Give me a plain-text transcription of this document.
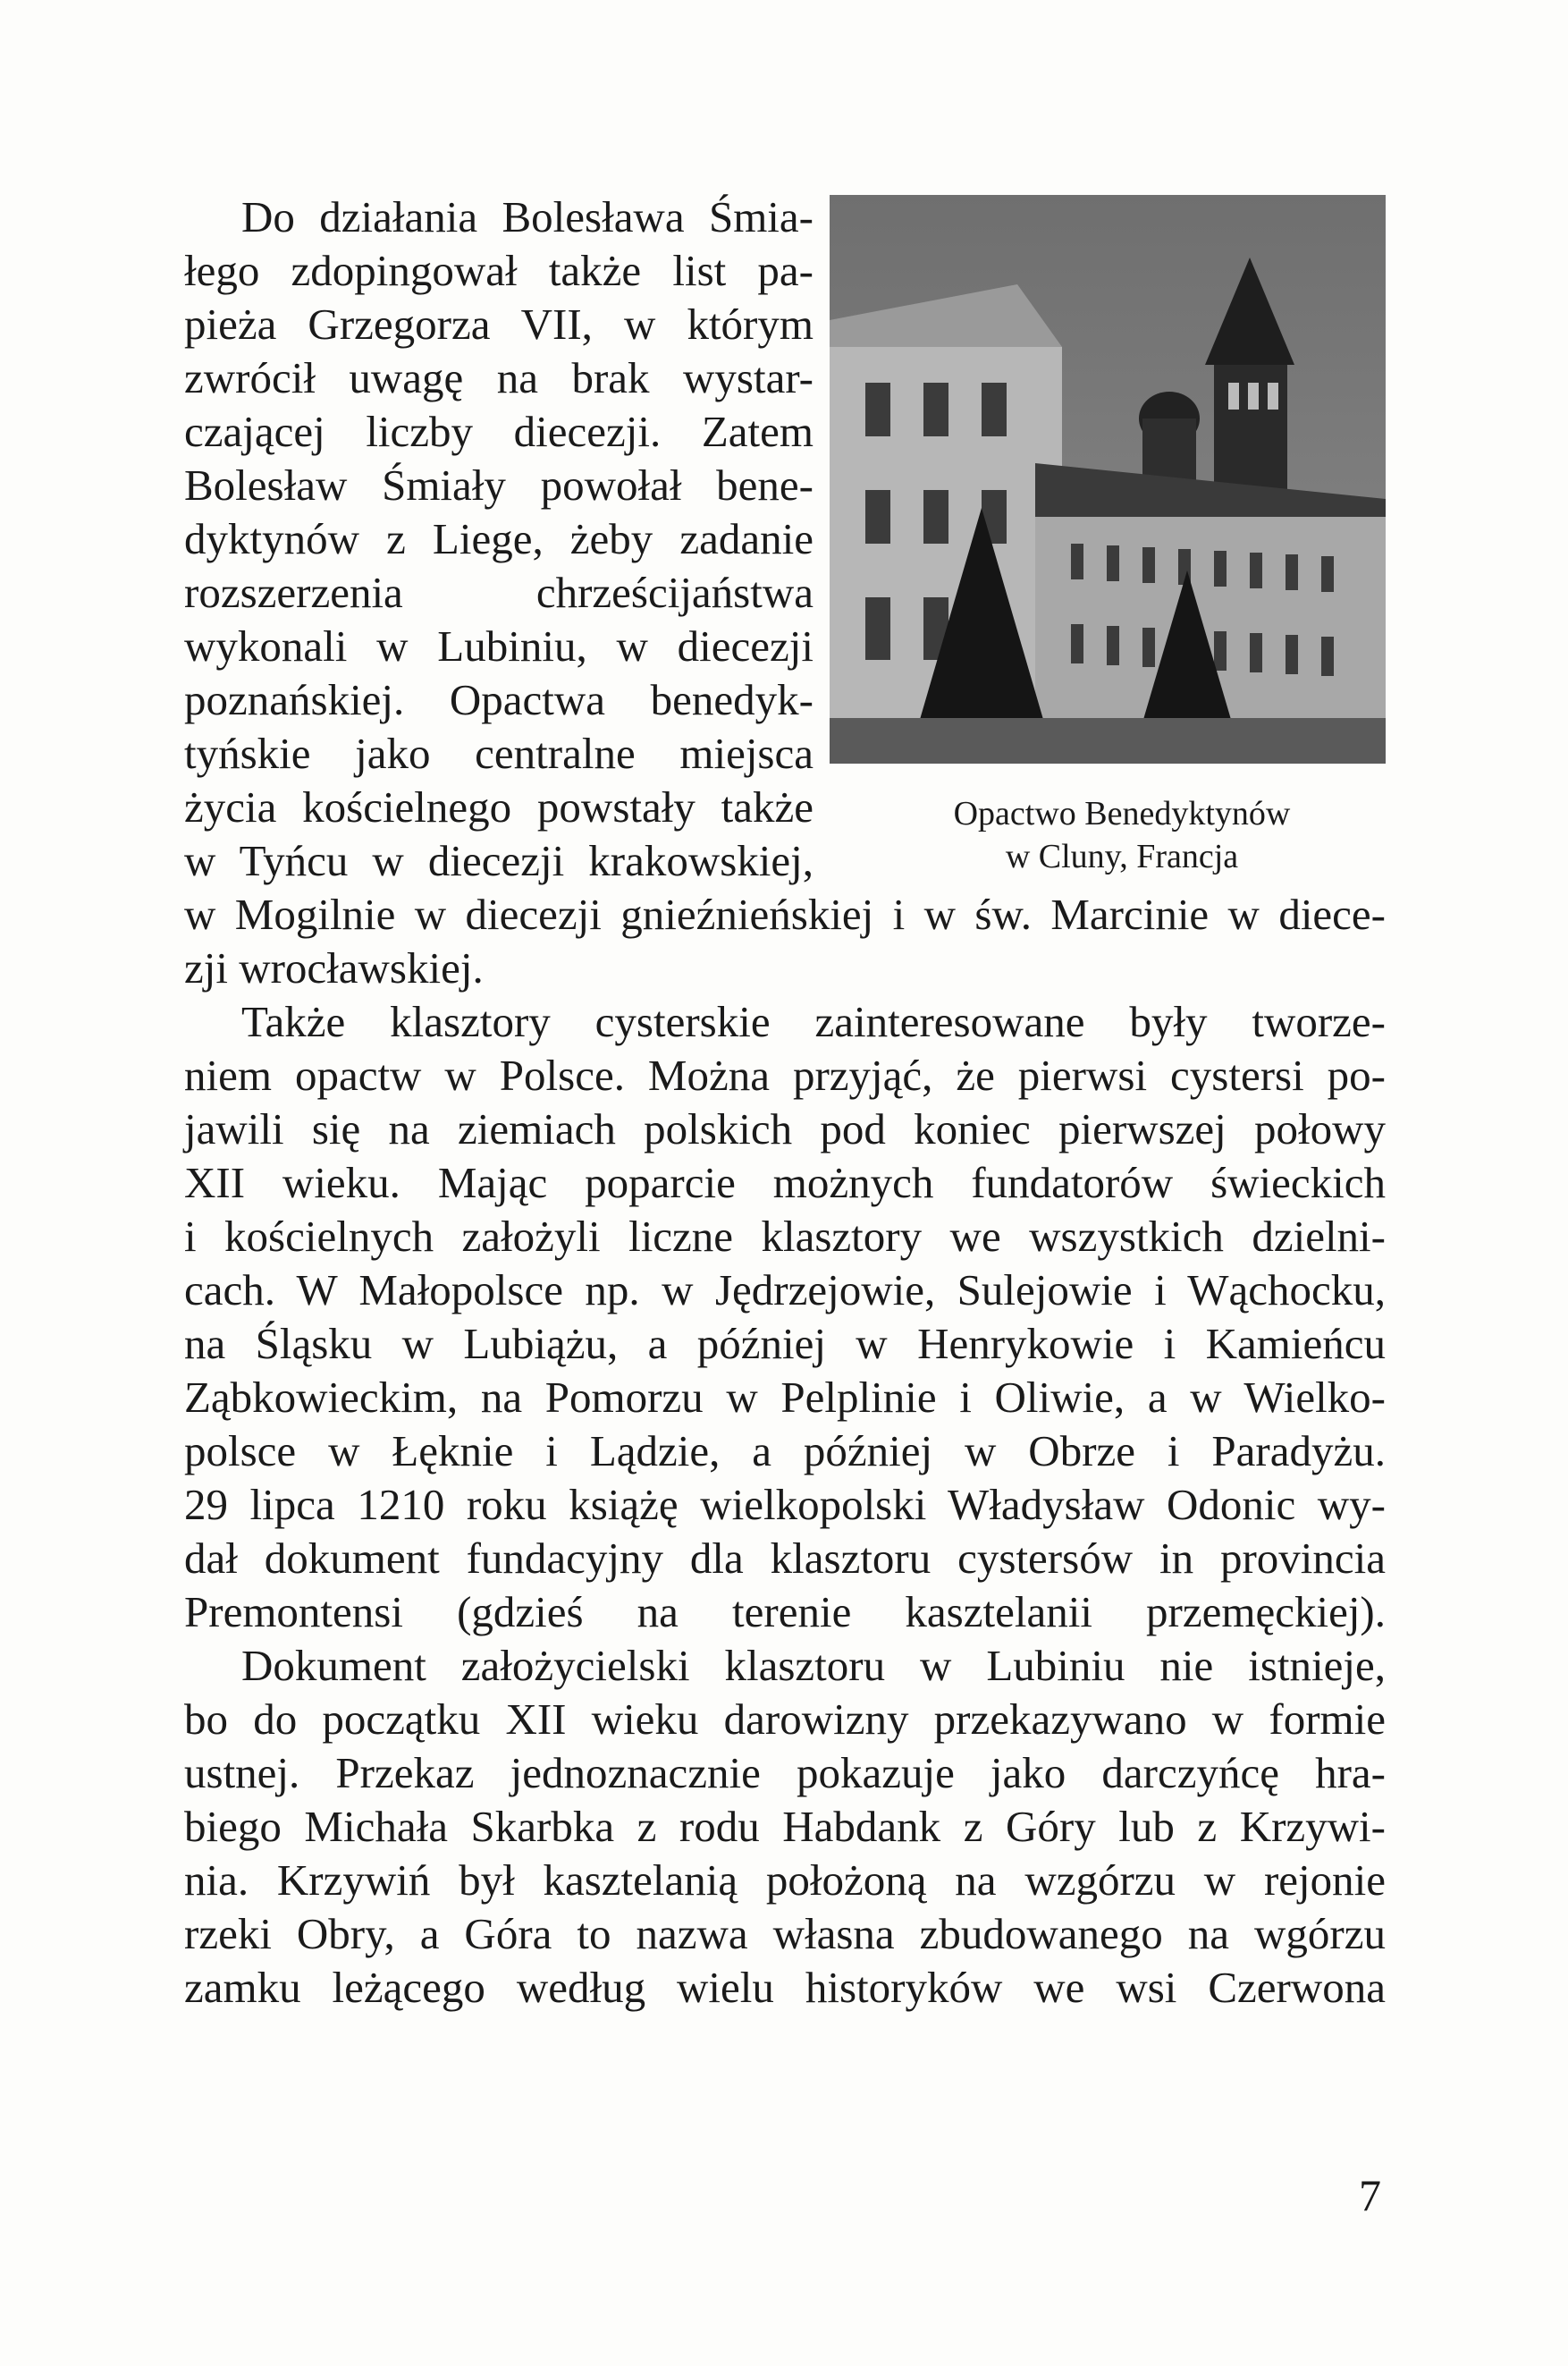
Do działania Bolesława Śmia-
łego zdopingował także list pa-
pieża Grzegorza VII, w którym
zwrócił uwagę na brak wystar-
czającej liczby diecezji. Zatem
Bolesław Śmiały powołał bene-
dyktynów z Liege, żeby zadanie
rozszerzenia chrześcijaństwa
wykonali w Lubiniu, w diecezji
poznańskiej. Opactwa benedyk-
tyńskie jako centralne miejsca
życia kościelnego powstały także
w Tyńcu w diecezji krakowskiej,
w Mogilnie w diecezji gnieźnieńskiej i w św. Marcinie w diece-
zji wrocławskiej.
Także klasztory cysterskie zainteresowane były tworze-
niem opactw w Polsce. Można przyjąć, że pierwsi cystersi po-
jawili się na ziemiach polskich pod koniec pierwszej połowy
XII wieku. Mając poparcie możnych fundatorów świeckich
i kościelnych założyli liczne klasztory we wszystkich dzielni-
cach. W Małopolsce np. w Jędrzejowie, Sulejowie i Wąchocku,
na Śląsku w Lubiążu, a później w Henrykowie i Kamieńcu
Ząbkowieckim, na Pomorzu w Pelplinie i Oliwie, a w Wielko-
polsce w Łęknie i Lądzie, a później w Obrze i Paradyżu.
29 lipca 1210 roku książę wielkopolski Władysław Odonic wy-
dał dokument fundacyjny dla klasztoru cystersów in provincia
Premontensi (gdzieś na terenie kasztelanii przemęckiej).
Dokument założycielski klasztoru w Lubiniu nie istnieje,
bo do początku XII wieku darowizny przekazywano w formie
ustnej. Przekaz jednoznacznie pokazuje jako darczyńcę hra-
biego Michała Skarbka z rodu Habdank z Góry lub z Krzywi-
nia. Krzywiń był kasztelanią położoną na wzgórzu w rejonie
rzeki Obry, a Góra to nazwa własna zbudowanego na wgórzu
zamku leżącego według wielu historyków we wsi Czerwona
Opactwo Benedyktynów
w Cluny, Francja
7
